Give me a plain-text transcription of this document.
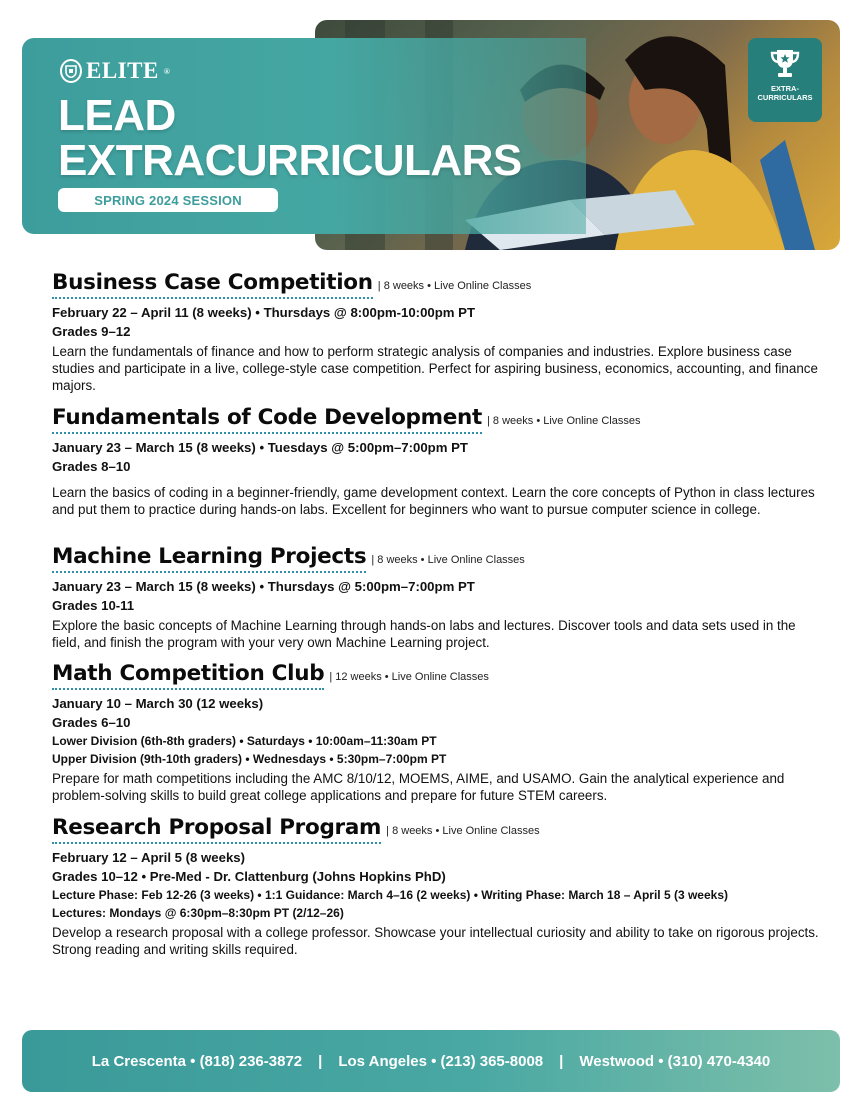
ELITE ®
LEAD
EXTRACURRICULARS
SPRING 2024 SESSION
EXTRA-
CURRICULARS
Business Case Competition | 8 weeks • Live Online Classes
February 22 – April 11 (8 weeks) • Thursdays @ 8:00pm-10:00pm PT
Grades 9–12
Learn the fundamentals of finance and how to perform strategic analysis of companies and industries. Explore business case studies and participate in a live, college-style case competition. Perfect for aspiring business, economics, accounting, and finance majors.
Fundamentals of Code Development | 8 weeks • Live Online Classes
January 23 – March 15 (8 weeks) • Tuesdays @ 5:00pm–7:00pm PT
Grades 8–10
Learn the basics of coding in a beginner-friendly, game development context. Learn the core concepts of Python in class lectures and put them to practice during hands-on labs. Excellent for beginners who want to pursue computer science in college.
Machine Learning Projects | 8 weeks • Live Online Classes
January 23 – March 15 (8 weeks) • Thursdays @ 5:00pm–7:00pm PT
Grades 10-11
Explore the basic concepts of Machine Learning through hands-on labs and lectures. Discover tools and data sets used in the field, and finish the program with your very own Machine Learning project.
Math Competition Club | 12 weeks • Live Online Classes
January 10 – March 30 (12 weeks)
Grades 6–10
Lower Division (6th-8th graders) • Saturdays • 10:00am–11:30am PT
Upper Division (9th-10th graders) • Wednesdays • 5:30pm–7:00pm PT
Prepare for math competitions including the AMC 8/10/12, MOEMS, AIME, and USAMO. Gain the analytical experience and problem-solving skills to build great college applications and prepare for future STEM careers.
Research Proposal Program | 8 weeks • Live Online Classes
February 12 – April 5 (8 weeks)
Grades 10–12 • Pre-Med - Dr. Clattenburg (Johns Hopkins PhD)
Lecture Phase: Feb 12-26 (3 weeks) • 1:1 Guidance: March 4–16 (2 weeks) • Writing Phase: March 18 – April 5 (3 weeks)
Lectures: Mondays @ 6:30pm–8:30pm PT (2/12–26)
Develop a research proposal with a college professor. Showcase your intellectual curiosity and ability to take on rigorous projects. Strong reading and writing skills required.
La Crescenta • (818) 236-3872 | Los Angeles • (213) 365-8008 | Westwood • (310) 470-4340
